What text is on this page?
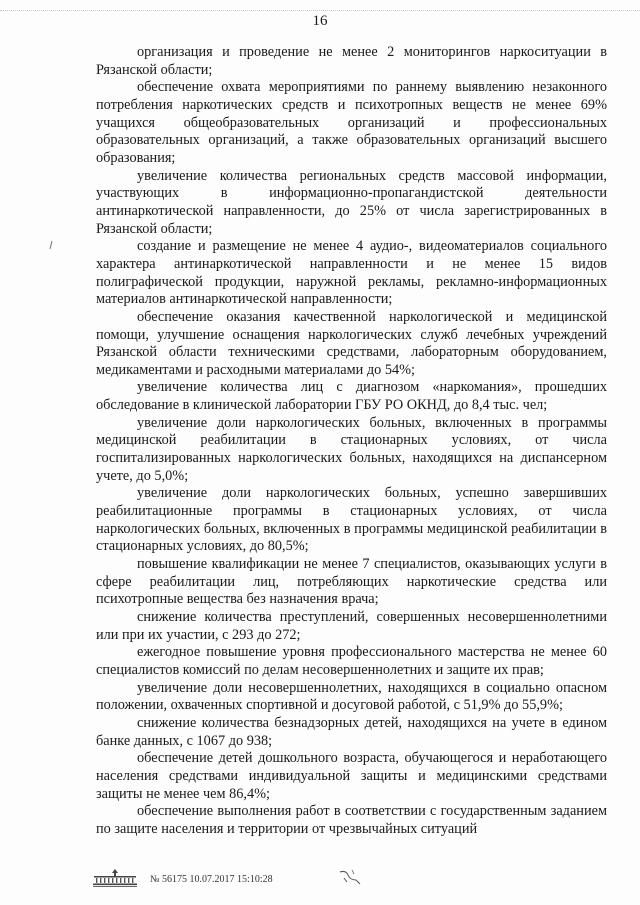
16

организация и проведение не менее 2 мониторингов наркоситуации в Рязанской области;

обеспечение охвата мероприятиями по раннему выявлению незаконного потребления наркотических средств и психотропных веществ не менее 69% учащихся общеобразовательных организаций и профессиональных образовательных организаций, а также образовательных организаций высшего образования;

увеличение количества региональных средств массовой информации, участвующих в информационно-пропагандистской деятельности антинаркотической направленности, до 25% от числа зарегистрированных в Рязанской области;

создание и размещение не менее 4 аудио-, видеоматериалов социального характера антинаркотической направленности и не менее 15 видов полиграфической продукции, наружной рекламы, рекламно-информационных материалов антинаркотической направленности;

обеспечение оказания качественной наркологической и медицинской помощи, улучшение оснащения наркологических служб лечебных учреждений Рязанской области техническими средствами, лабораторным оборудованием, медикаментами и расходными материалами до 54%;

увеличение количества лиц с диагнозом «наркомания», прошедших обследование в клинической лаборатории ГБУ РО ОКНД, до 8,4 тыс. чел;

увеличение доли наркологических больных, включенных в программы медицинской реабилитации в стационарных условиях, от числа госпитализированных наркологических больных, находящихся на диспансерном учете, до 5,0%;

увеличение доли наркологических больных, успешно завершивших реабилитационные программы в стационарных условиях, от числа наркологических больных, включенных в программы медицинской реабилитации в стационарных условиях, до 80,5%;

повышение квалификации не менее 7 специалистов, оказывающих услуги в сфере реабилитации лиц, потребляющих наркотические средства или психотропные вещества без назначения врача;

снижение количества преступлений, совершенных несовершеннолетними или при их участии, с 293 до 272;

ежегодное повышение уровня профессионального мастерства не менее 60 специалистов комиссий по делам несовершеннолетних и защите их прав;

увеличение доли несовершеннолетних, находящихся в социально опасном положении, охваченных спортивной и досуговой работой, с 51,9% до 55,9%;

снижение количества безнадзорных детей, находящихся на учете в едином банке данных, с 1067 до 938;

обеспечение детей дошкольного возраста, обучающегося и неработающего населения средствами индивидуальной защиты и медицинскими средствами защиты не менее чем 86,4%;

обеспечение выполнения работ в соответствии с государственным заданием по защите населения и территории от чрезвычайных ситуаций

№ 56175 10.07.2017 15:10:28
